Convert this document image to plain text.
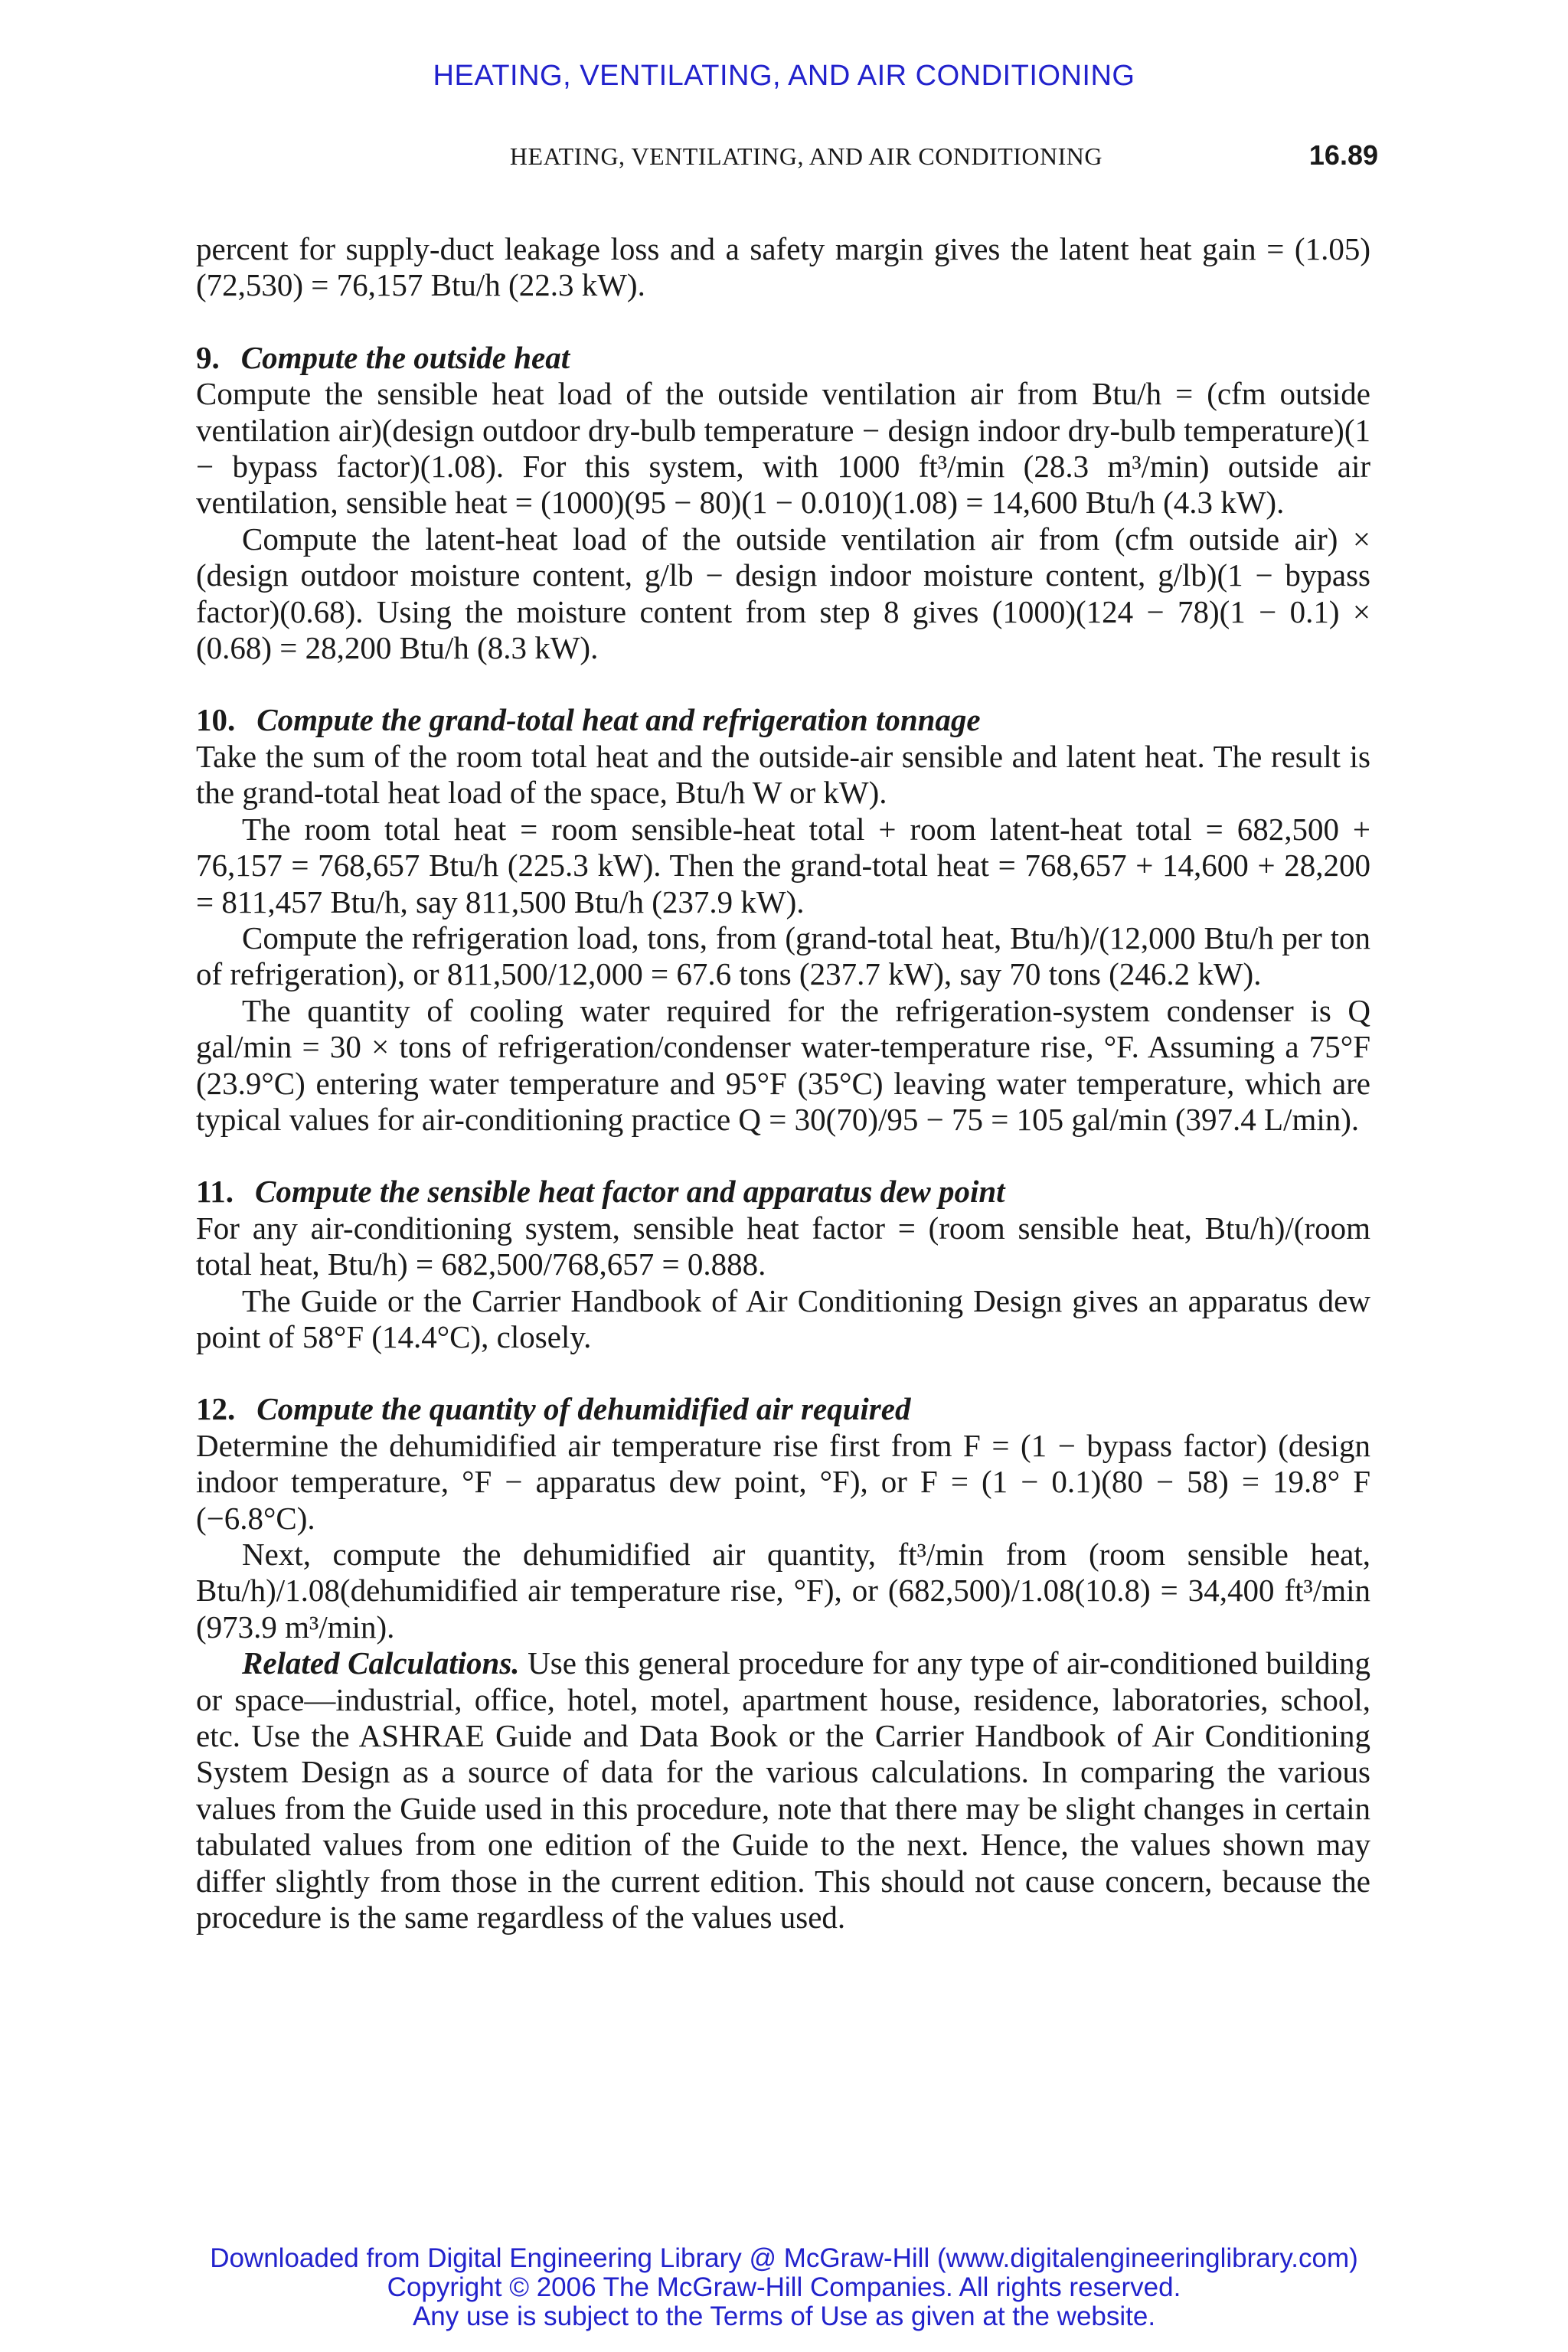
HEATING, VENTILATING, AND AIR CONDITIONING
HEATING, VENTILATING, AND AIR CONDITIONING	16.89

percent for supply-duct leakage loss and a safety margin gives the latent heat gain = (1.05)(72,530) = 76,157 Btu/h (22.3 kW).

9. Compute the outside heat

Compute the sensible heat load of the outside ventilation air from Btu/h = (cfm outside ventilation air)(design outdoor dry-bulb temperature − design indoor dry-bulb temperature)(1 − bypass factor)(1.08). For this system, with 1000 ft³/min (28.3 m³/min) outside air ventilation, sensible heat = (1000)(95 − 80)(1 − 0.010)(1.08) = 14,600 Btu/h (4.3 kW).

Compute the latent-heat load of the outside ventilation air from (cfm outside air) × (design outdoor moisture content, g/lb − design indoor moisture content, g/lb)(1 − bypass factor)(0.68). Using the moisture content from step 8 gives (1000)(124 − 78)(1 − 0.1) × (0.68) = 28,200 Btu/h (8.3 kW).

10. Compute the grand-total heat and refrigeration tonnage

Take the sum of the room total heat and the outside-air sensible and latent heat. The result is the grand-total heat load of the space, Btu/h W or kW).

The room total heat = room sensible-heat total + room latent-heat total = 682,500 + 76,157 = 768,657 Btu/h (225.3 kW). Then the grand-total heat = 768,657 + 14,600 + 28,200 = 811,457 Btu/h, say 811,500 Btu/h (237.9 kW).

Compute the refrigeration load, tons, from (grand-total heat, Btu/h)/(12,000 Btu/h per ton of refrigeration), or 811,500/12,000 = 67.6 tons (237.7 kW), say 70 tons (246.2 kW).

The quantity of cooling water required for the refrigeration-system condenser is Q gal/min = 30 × tons of refrigeration/condenser water-temperature rise, °F. Assuming a 75°F (23.9°C) entering water temperature and 95°F (35°C) leaving water temperature, which are typical values for air-conditioning practice Q = 30(70)/95 − 75 = 105 gal/min (397.4 L/min).

11. Compute the sensible heat factor and apparatus dew point

For any air-conditioning system, sensible heat factor = (room sensible heat, Btu/h)/(room total heat, Btu/h) = 682,500/768,657 = 0.888.

The Guide or the Carrier Handbook of Air Conditioning Design gives an apparatus dew point of 58°F (14.4°C), closely.

12. Compute the quantity of dehumidified air required

Determine the dehumidified air temperature rise first from F = (1 − bypass factor) (design indoor temperature, °F − apparatus dew point, °F), or F = (1 − 0.1)(80 − 58) = 19.8° F (−6.8°C).

Next, compute the dehumidified air quantity, ft³/min from (room sensible heat, Btu/h)/1.08(dehumidified air temperature rise, °F), or (682,500)/1.08(10.8) = 34,400 ft³/min (973.9 m³/min).

Related Calculations. Use this general procedure for any type of air-conditioned building or space—industrial, office, hotel, motel, apartment house, residence, laboratories, school, etc. Use the ASHRAE Guide and Data Book or the Carrier Handbook of Air Conditioning System Design as a source of data for the various calculations. In comparing the various values from the Guide used in this procedure, note that there may be slight changes in certain tabulated values from one edition of the Guide to the next. Hence, the values shown may differ slightly from those in the current edition. This should not cause concern, because the procedure is the same regardless of the values used.

Downloaded from Digital Engineering Library @ McGraw-Hill (www.digitalengineeringlibrary.com)
Copyright © 2006 The McGraw-Hill Companies. All rights reserved.
Any use is subject to the Terms of Use as given at the website.
